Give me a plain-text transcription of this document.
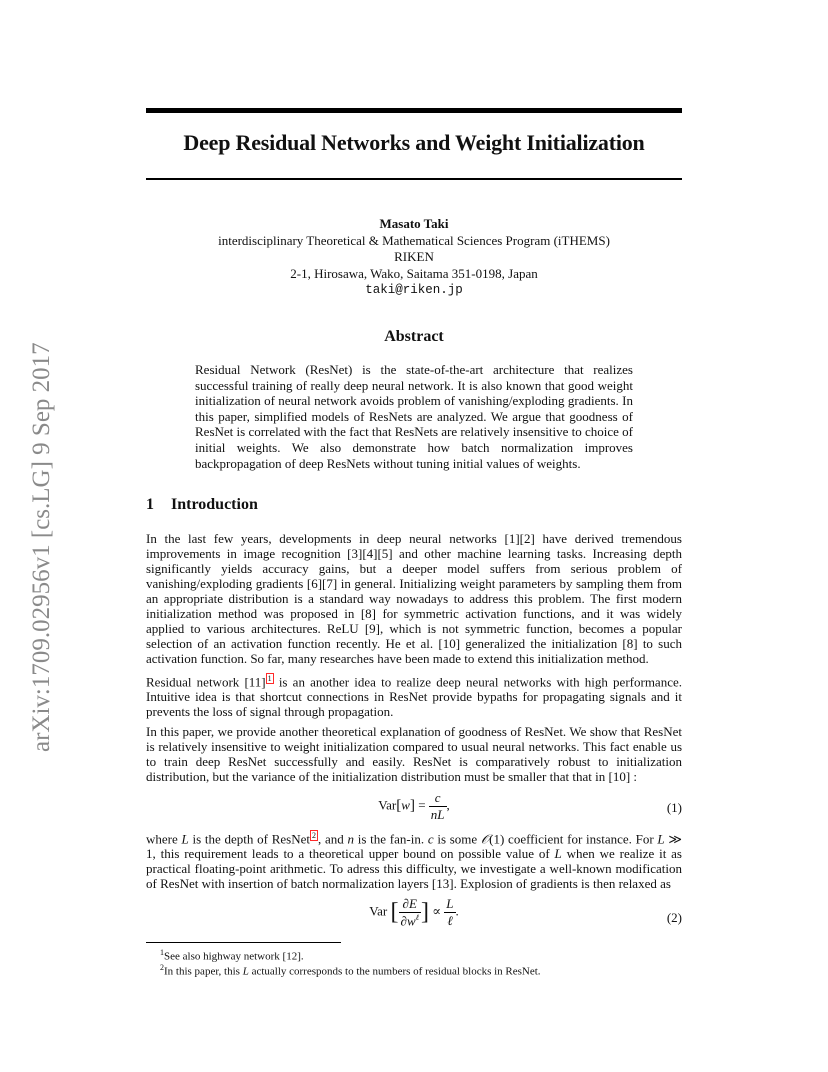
arXiv:1709.02956v1 [cs.LG] 9 Sep 2017
Deep Residual Networks and Weight Initialization
Masato Taki
interdisciplinary Theoretical & Mathematical Sciences Program (iTHEMS)
RIKEN
2-1, Hirosawa, Wako, Saitama 351-0198, Japan
taki@riken.jp
Abstract
Residual Network (ResNet) is the state-of-the-art architecture that realizes successful training of really deep neural network. It is also known that good weight initialization of neural network avoids problem of vanishing/exploding gradients. In this paper, simplified models of ResNets are analyzed. We argue that goodness of ResNet is correlated with the fact that ResNets are relatively insensitive to choice of initial weights. We also demonstrate how batch normalization improves backpropagation of deep ResNets without tuning initial values of weights.
1 Introduction

In the last few years, developments in deep neural networks [1][2] have derived tremendous improvements in image recognition [3][4][5] and other machine learning tasks. Increasing depth significantly yields accuracy gains, but a deeper model suffers from serious problem of vanishing/exploding gradients [6][7] in general. Initializing weight parameters by sampling them from an appropriate distribution is a standard way nowadays to address this problem. The first modern initialization method was proposed in [8] for symmetric activation functions, and it was widely applied to various architectures. ReLU [9], which is not symmetric function, becomes a popular selection of an activation function recently. He et al. [10] generalized the initialization [8] to such activation function. So far, many researches have been made to extend this initialization method.

Residual network [11] $^1$ is an another idea to realize deep neural networks with high performance. Intuitive idea is that shortcut connections in ResNet provide bypaths for propagating signals and it prevents the loss of signal through propagation.

In this paper, we provide another theoretical explanation of goodness of ResNet. We show that ResNet is relatively insensitive to weight initialization compared to usual neural networks. This fact enable us to train deep ResNet successfully and easily. ResNet is comparatively robust to initialization distribution, but the variance of the initialization distribution must be smaller that that in [10] :

$Var[w] = \frac{c}{nL}$ ,	(1)

where L is the depth of ResNet $^2$ , and n is the fan-in. c is some 𝒪(1) coefficient for instance. For L ≫ 1, this requirement leads to a theoretical upper bound on possible value of L when we realize it as practical floating-point arithmetic. To adress this difficulty, we investigate a well-known modification of ResNet with insertion of batch normalization layers [13]. Explosion of gradients is then relaxed as

Var [ $\frac{\partial E}{\partial w^\ell}$ ] ∝ $\frac{L}{\text{ℓ}}$ .	(2)
$^1$See also highway network [12].
$^2$In this paper, this L actually corresponds to the numbers of residual blocks in ResNet.
